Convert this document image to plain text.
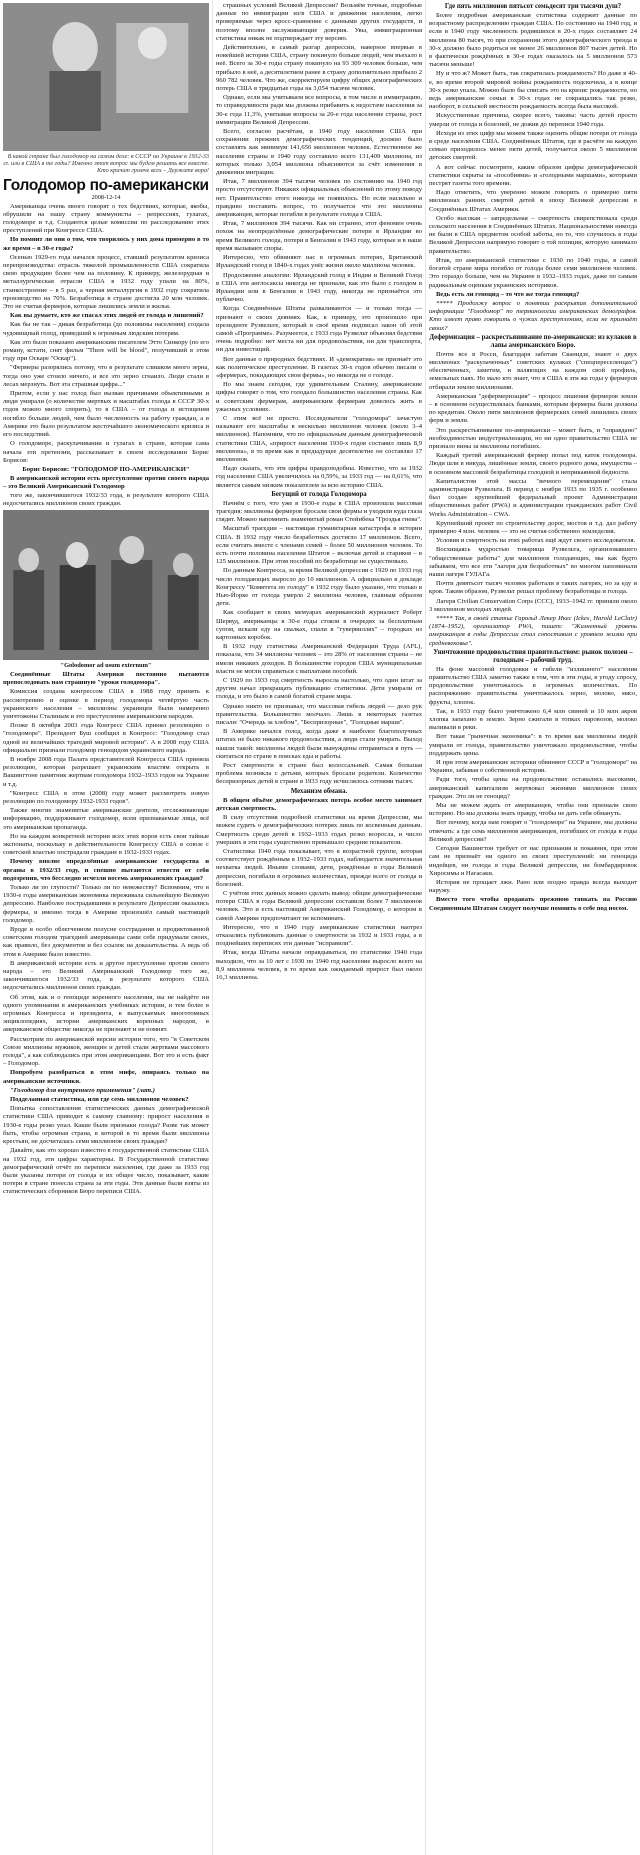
В какой стране был голодомор на самом деле: в СССР на Украине в 1932-33 гг. или в США в те годы? Именно этот вопрос мы будем решать все вместе. Кто кричит громче всех – Держите вора!
Голодомор по-американски
2008-12-14

Американцы очень много говорят о тех бедствиях, которые, якобы, обрушили на нашу страну коммунисты – репрессиях, гулагах, голодоморе и т.д. Создаются целые комиссии по расследованию этих преступлений при Конгрессе США.

Но помнит ли они о том, что творилось у них дома примерно в то же время – в 30-е годы?

Осенью 1929-го года начался процесс, ставший результатом кризиса перепроизводства: отрасль тяжелой промышленности США сократила свою продукцию более чем на половину. К примеру, железорудная и металлургическая отрасли США в 1932 году упали на 80%, станкостроение – в 5 раз, а черная металлургия в 1932 году сократила производство на 70%. Безработица в стране достигла 20 млн человек. Это не считая фермеров, которые лишились земли и жилья.

Как вы думаете, кто же спасал этих людей от голода и лишений?

Как бы не так – дикая безработица (до половины населения) создала чудовищный голод, приведший к огромным людским потерям.

Как это было показано американским писателем Этто Синкору (по его роману, кстати, снят фильм "There will be blood", получивший в этом году при Оскаре "Оскар").

"Фермеры разорялись потому, что в результате слишком много зерна, тогда оно уже стоило ничего, и все это зерно сгнаило. Люди стали в лесах мерзнуть. Вот эта страшная цифра..."

Притом, если у нас голод был вызван причинами объективными и люди умирали (о количестве мертвых и масштабах голода в СССР 30-х годов можно много спорить), то в США – от голода и истощения погибло больше людей, чем было численность на работу граждан, а в Америке это было результатом жесточайшего экономического кризиса и его последствий.

О голодоморе, раскулачивании и гулагах в стране, которая сама начала эти претензии, рассказывает в своем исследовании Борис Борисов:

Борис Борисов: "ГОЛОДОМОР ПО-АМЕРИКАНСКИ"

В американской истории есть преступление против своего народа – это Великий Американский Голодомор

того же, закончившегося 1932/33 года, в результате которого США недосчитались миллионов своих граждан.

"Golodomor ad usum externum"

Соединённые Штаты Америки постоянно пытаются препоследовать нам страшную "уроки голодомора".

Комиссия создана конгрессом США в 1988 году принять к рассмотрению и оценке в период голодомора четвёртую часть украинского населения – миллионы украинцев были намеренно уничтожены Сталиным и это преступление американским народом.

Позже 8 октября 2003 года Конгресс США принял резолюцию о "голодоморе". Президент Буш сообщил в Конгресс: "Голодомор стал одной из величайших трагедий мировой истории". А в 2008 году США официально признали голодомор геноцидом украинского народа.

В ноябре 2008 года Палата представителей Конгресса США приняла резолюцию, которая разрешает украинским властям открыть в Вашингтоне памятник жертвам голодомора 1932–1933 годов на Украине и т.д.

"Конгресс США в этом (2008) году может рассмотреть новую резолюцию по голодомору 1932-1933 годов".

Также многие знаменитые американские деятели, отслеживающие информацию, поддерживают голодомор, всем признаваемые лица, всё это американская пропаганда.

Но на каждом конкретной истории всех этих воров есть свои тайные экспонаты, поскольку в действительности Конгрессу США в союзе с советской властью пострадали граждане в 1932-1933 годах.

Почему вполне определённые американские государства и органы в 1932/33 году, и спешно пытаются отвести от себя подозрения, что бесследно исчезли восемь американских граждан?

Только ли по глупости? Только ли по невежеству? Вспомним, что в 1930-е годы американская экономика переживала сильнейшую Великую депрессию. Наиболее пострадавшими в результате Депрессии оказались фермеры, и именно тогда в Америке произошёл самый настоящий голодомор.

Вроде в особо облегченном полусне сострадания и продиктованной советским голодом трагедией американцы сами себе придумали своих, как правило, без документов и без ссылок на доказательства. А ведь об этом в Америке было известно.

В американской истории есть и другое преступление против своего народа – это Великий Американский Голодомор того же, закончившегося 1932/33 года, в результате которого США недосчитались миллионов своих граждан.

Об этом, как и о геноциде коренного населения, вы не найдёте ни одного упоминания в американских учебниках истории, и тем более в огромных Конгресса и президента, в выпускаемых многотомных энциклопедиях, истории американских коренных народов, в американском обществе никогда не признают и не помнят.

Рассмотрим по американской версии истории того, что "в Советском Союзе миллионы мужиков, женщин и детей стали жертвами массового голода", а как соблюдались при этом американцами. Вот это и есть факт – Голодомор.

Попробуем разобраться в этом мифе, опираясь только на американские источники.

"Голодомор для внутреннего применения" (лат.)

Подделанная статистика, или где семь миллионов человек?

Попытка сопоставления статистических данных демографической статистики США приводит к самому главному: прирост населения в 1930-е годы резко упал. Какие были признаки голода? Разве так может быть, чтобы огромная страна, в которой в то время были миллионы крестьян, не досчиталась семи миллионов своих граждан?

Давайте, как это хорошо известно в государственной статистике США на 1932 год, эти цифры характерны. В Государственной статистике демографический отчёт по переписи населения, где даже за 1933 год были указаны потери от голода и их общее число, показывает, какие потери в стране понесла страна за эти годы. Эти данные были взяты из статистических сборников Бюро переписи США.

страшных условий Великой Депрессии? Возьмём точные, подробные данные по иммиграции из/в США и движении населения, легко проверяемые через кросс-сравнение с данными других государств, и поэтому вполне заслуживающие доверия. Увы, иммиграционная статистика никак не подтверждает эту версию.

Действительно, в самый разгар депрессии, наверное впервые в новейшей истории США, страну покинуло больше людей, чем въехало в неё. Всего за 30-е годы страну покинуло на 93 309 человек больше, чем прибыло в неё, а десятилетием ранее в страну дополнительно прибыло 2 960 782 человек. Что же, скорректируем цифру общих демографических потерь США в тридцатые годы на 3,054 тысячи человек.

Однако, если мы учитываем все вопросы, в том числе и иммиграцию, то справедливости ради мы должны прибавить к недостаче населения за 30-е года 11,3%, учитывая вопросы за 20-е года население страны, рост иммиграции Великой Депрессии.

Всего, согласно расчётам, в 1940 году население США при сохранении прежних демографических тенденций, должно было составлять как минимум 141,656 миллионов человек. Естественное же население страны в 1940 году составило всего 131,409 миллиона, из которых только 3,054 миллиона объясняются за счёт изменения в движении миграции.

Итак, 7 миллионов 394 тысячи человек по состоянию на 1940 год просто отсутствуют. Никаких официальных объяснений по этому поводу нет. Правительство этого никогда не появилось. Но если насильно и правдиво поставить вопрос, то получается что это миллионы американцев, которые погибли в результате голода в США.

Итак, 7 миллионов 394 тысячи. Как ни странно, этот феномен очень похож на неопределённые демографические потери в Ирландии во время Великого голода, потери в Бенгалии в 1943 году, которые и в наше время вызывают споры.

Интересно, что обвиняют нас в огромных потерях, Британский Ирландский голод в 1840-х годах унёс жизни около миллиона человек.

Продолжение аналогии: Ирландский голод в Индии и Великий Голод в США эти англосаксы никогда не признали, как это было с голодом в Ирландии или в Бенгалии в 1943 году, никогда не признаётся это публично.

Когда Соединённые Штаты разваливаются — и только тогда — признают о своих деяниях. Как, к примеру, это произошло при президенте Рузвельте, который в своё время подписал закон об этой самой «Программе». Разумеется, с 1933 года Рузвельт объяснял бедствия очень подробно: нет места ни для продовольствия, ни для транспорта, ни для инвестиций.

Вот данные о природных бедствиях. И «демократия» не признаёт это как политическое преступление. В газетах 30-х годов обычно писали о «фермерах, покидающих свои фермы», но никогда не о голоде.

Но мы знаем сегодня, где удивительным Сталину, американские цифры говорят о том, что голодало большинство населения страны. Как и советским фермерам, американским фермерам довелось жить в ужасных условиях.

С этим всё не просто. Исследователи "голодомора" зачастую называют его масштабы в несколько миллионов человек (около 3–4 миллионов). Напомним, что по официальным данным демографической статистики США, «прирост населения 1930-х годов составил лишь 8,9 миллиона», в то время как в предыдущее десятилетие он составлял 17 миллионов.

Надо сказать, что эти цифры правдоподобны. Известно, что за 1932 год население США увеличилось на 0,59%, за 1933 год — на 0,61%, что является самым низким показателем за всю историю США.

Бегущий от голода Голодомора

Начнём с того, что уже в 1930-е годы в США произошла массовая трагедия: миллионы фермеров бросали свои фермы и уходили куда глаза глядят. Можно напомнить знаменитый роман Стейнбека "Гроздья гнева".

Масштаб трагедии – настоящая гуманитарная катастрофа в истории США. В 1932 году число безработных достигло 17 миллионов. Всего, если считать вместе с членами семей – более 50 миллионов человек. То есть почти половина населения Штатов – включая детей и стариков – в 125 миллионов. При этом пособий по безработице не существовало.

По данным Конгресса, за время Великой депрессии с 1929 по 1933 год число голодающих выросло до 10 миллионов. А официально в докладе Конгрессу "Комитета по голоду" в 1932 году было указано, что только в Нью-Йорке от голода умерло 2 миллиона человек, главным образом дети.

Как сообщает в своих мемуарах американский журналист Роберт Шервуд, американцы в 30-е годы стояли в очередях за бесплатным супом, искали еду на свалках, спали в "гувервиллях" – городках из картонных коробок.

В 1932 году статистика Американской Федерации Труда (AFL), показала, что 34 миллиона человек – это 28% от населения страны – не имели никаких доходов. В большинстве городов США муниципальные власти не могли справиться с выплатами пособий.

С 1929 по 1933 год смертность выросла настолько, что один штат за другим начал прекращать публикацию статистики. Дети умирали от голода, и это было в самой богатой стране мира.

Однако никто не признавал, что массовая гибель людей — дело рук правительства. Большинство молчало. Лишь в некоторых газетах писали: "Очередь за хлебом", "Беспризорные", "Голодные марши".

В Америке начался голод, когда даже в наиболее благополучных штатах не было никакого продовольствия, а люди стали умирать. Выход нашли такой: миллионы людей были вынуждены отправиться в путь — скитаться по стране в поисках еды и работы.

Рост смертности в стране был колоссальный. Самая большая проблема возникла с детьми, которых бросали родители. Количество беспризорных детей в стране в 1933 году исчислялось сотнями тысяч.

Механизм обмана.

В общем объёме демографических потерь особое место занимает детская смертность.

В силу отсутствия подробной статистики на время Депрессии, мы можем судить о демографических потерях лишь по косвенным данным. Смертность среди детей в 1932–1933 годах резко возросла, и число умерших в эти годы существенно превышало средние показатели.

Статистика 1940 года показывает, что в возрастной группе, которая соответствует рождённым в 1932–1933 годах, наблюдается значительная нехватка людей. Иными словами, дети, рождённые в годы Великой депрессии, погибали в огромных количествах, прежде всего от голода и болезней.

С учётом этих данных можно сделать вывод: общие демографические потери США в годы Великой депрессии составили более 7 миллионов человек. Это и есть настоящий Американский Голодомор, о котором в самой Америке предпочитают не вспоминать.

Интересно, что в 1940 году американские статистики наотрез отказались публиковать данные о смертности за 1932 и 1933 годы, а в позднейших переписях эти данные "исправили".

Итак, когда Штаты начали оправдываться, по статистике 1940 года выходило, что за 10 лет с 1930 по 1940 год население выросло всего на 8,9 миллиона человек, в то время как ожидаемый прирост был около 16,3 миллиона.

Где пять миллионов пятьсот семьдесят три тысячи душ?

Более подробная американская статистика содержит данные по возрастному распределению граждан США. По состоянию на 1940 год, и если в 1940 году численность родившихся в 20-х годах составляет 24 миллиона 80 тысяч, то при сохранении этого демографического тренда в 30-х должно было родиться не менее 26 миллионов 807 тысяч детей. Но в фактически рождённых в 30-е годах оказалось на 5 миллионов 573 тысячи меньше!

Ну и что ж? Может быть, так сократилась рождаемость? Но даже в 40-е, во время второй мировой войны рождаемость подскочила, а в конце 30-х резко упала. Можно было бы списать это на кризис рождаемости, но ведь американские семьи в 30-х годах не сокращались так резко, наоборот, в сельской местности рождаемость всегда была высокой.

Искусственные причины, скорее всего, таковы: часть детей просто умерли от голода и болезней, не дожив до переписи 1940 года.

Исходя из этих цифр мы можем также оценить общие потери от голода в среде населения США. Соединённых Штатов, где в расчёте на каждую семью приходилось менее пяти детей, получается около 5 миллионов детских смертей.

А вот сейчас посмотрите, каким образом цифры демографической статистики скрыты за «пособиями» и «голодными маршами», которыми пестрят газеты того времени.

Надо отметить, что уверенно можем говорить о примерно пяти миллионах ранних смертей детей в эпоху Великой депрессии в Соединённых Штатах Америки.

Особо высокая – запредельная – смертность свирепствовала среди сельского населения в Соединённых Штатах. Национальностями никогда не были в США предметом особой заботы, но то, что случилось в годы Великой Депрессии напрямую говорит о той позиции, которую занимало правительство.

Итак, по американской статистике с 1930 по 1940 годы, в самой богатой стране мира погибло от голода более семи миллионов человек. Это гораздо больше, чем на Украине в 1932–1933 годах, даже по самым радикальным оценкам украинских историков.

Ведь есть ли геноцид – то что же тогда геноцид?

***** Продолжу вопрос о понятии раскрытия дополнительной информации "Голодомор" по терминологии американских демографов. Кто имеет право говорить о чужих преступлениях, если не признаёт своих?

Дефермизация – раскрестьянивание по-американски: из кулаков в лапы американского Бюро.

Почти все в Росси, благодаря заботам Сванидзе, знают о двух миллионах "раскулаченных" советских кулаках ("спецпереселенцах") обеспеченных, заметим, и валяющих на каждом свой профиль, земельных паях. Но мало кто знает, что в США в эти же годы у фермеров отбирали землю миллионами.

Американская "дефермеризация" – процесс лишения фермеров земли – в основном осуществлялась банками, которым фермеры были должны по кредитам. Около пяти миллионов фермерских семей лишились своих ферм и земли.

Это раскрестьянивание по-американски – может быть, и "оправдано" необходимостью индустриализации, но ни одно правительство США не признало вины за миллионы погибших.

Каждый третий американский фермер попал под каток голодомора. Люди шли в никуда, лишённые земли, своего родного дома, имущества – в основном массовой безработицы голодной и неприкаянной бедности.

Капиталистом этой массы "вечного перемещения" стала администрация Рузвельта. В период с ноября 1933 по 1935 г. особенно был создан крупнейший федеральный проект Администрации общественных работ (PWA) и администрации гражданских работ Civil Works Administration – CWA.

Крупнейший проект по строительству дорог, мостов и т.д. дал работу примерно 4 млн. человек — это не считая собственно земледелия.

Условия и смертность на этих работах ещё ждут своего исследователя.

Восхищаясь мудростью товарища Рузвельта, организовавшего "общественные работы" для миллионов голодающих, мы как будто забываем, что все эти "лагеря для безработных" во многом напоминали наши лагеря ГУЛАГа.

Почти девятьсот тысяч человек работали в таких лагерях, но за еду и кров. Таким образом, Рузвельт решал проблему безработицы и голода.

Лагеря Civilian Conservation Corps (CCC), 1933–1942 гг. приняли около 3 миллионов молодых людей.

***** Так, в своей статье Гарольд Лекер Икес (Ickes, Harold LeClair) (1874–1952), организатор PWA, пишет: "Жизненный уровень американцев в годы Депрессии стал сопоставим с уровнем жизни при средневековье".

Уничтожение продовольствия правительством: рынок полезен – голодным – рабочий труд.

На фоне массовой голодовки и гибели "излишнего" населения правительство США заметно также в том, что в эти годы, в угоду спросу, продовольствие уничтожалось в огромных количествах. По распоряжению правительства уничтожалось зерно, молоко, мясо, фрукты, хлопок.

Так, в 1933 году было уничтожено 6,4 млн свиней и 10 млн акров хлопка запахано в землю. Зерно сжигали в топках паровозов, молоко выливали в реки.

Вот такая "рыночная экономика": в то время как миллионы людей умирали от голода, правительство уничтожало продовольствие, чтобы поддержать цены.

И при этом американские историки обвиняют СССР в "голодоморе" на Украине, забывая о собственной истории.

Ради того, чтобы цены на продовольствие оставались высокими, американский капитализм жертвовал жизнями миллионов своих граждан. Это ли не геноцид?

Мы не можем ждать от американцев, чтобы они признали свою историю. Но мы должны знать правду, чтобы не дать себя обмануть.

Вот почему, когда нам говорят о "голодоморе" на Украине, мы должны отвечать: а где семь миллионов американцев, погибших от голода в годы Великой депрессии?

Сегодня Вашингтон требует от нас признания и покаяния, при этом сам не признаёт ни одного из своих преступлений: ни геноцида индейцев, ни голода в годы Великой депрессии, ни бомбардировок Хиросимы и Нагасаки.

История не прощает лжи. Рано или поздно правда всегда выходит наружу.

Вместо того чтобы продавать прежнюю тявкать на Россию Соединенным Штатам следует получше помнить о себе под носом.
